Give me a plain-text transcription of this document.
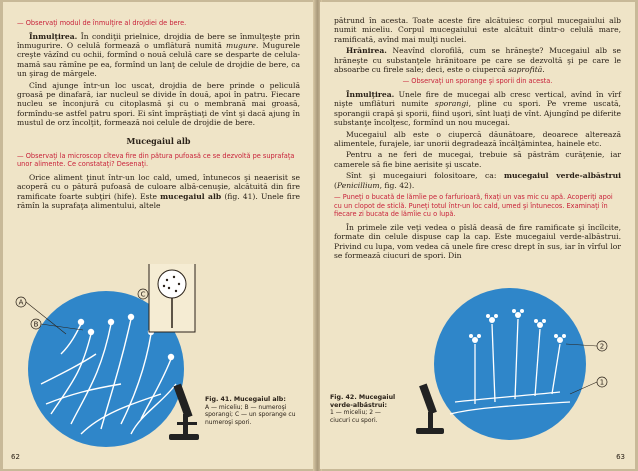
— Observaţi modul de înmulţire al drojdiei de bere.

Înmulţirea. În condiţii prielnice, drojdia de bere se înmulţeşte prin înmugurire. O celulă formează o umflătură numită mugure. Mugurele creşte văzînd cu ochii, formînd o nouă celulă care se desparte de celula-mamă sau rămîne pe ea, formînd un lanţ de celule de drojdie de bere, ca un şirag de mărgele.

Cînd ajunge într-un loc uscat, drojdia de bere prinde o peliculă groasă pe dinafară, iar nucleul se divide în două, apoi în patru. Fiecare nucleu se înconjură cu citoplasmă şi cu o membrană mai groasă, formîndu-se astfel patru spori. Ei sînt împrăştiaţi de vînt şi dacă ajung în mustul de orz încolţit, formează noi celule de drojdie de bere.

Mucegaiul alb

— Observaţi la microscop cîteva fire din pătura pufoasă ce se dezvoltă pe suprafaţa unor alimente. Ce constataţi? Desenaţi.

Orice aliment ţinut într-un loc cald, umed, întunecos şi neaerisit se acoperă cu o pătură pufoasă de culoare albă-cenuşie, alcătuită din fire ramificate foarte subţiri (hife). Este mucegaiul alb (fig. 41). Unele fire rămîn la suprafaţa alimentului, altele

A
B
C
Fig. 41. Mucegaiul alb:
A — miceliu; B — numeroşi sporangi; C — un sporange cu numeroşi spori.
62

pătrund în acesta. Toate aceste fire alcătuiesc corpul mucegaiului alb numit miceliu. Corpul mucegaiului este alcătuit dintr-o celulă mare, ramificată, avînd mai mulţi nuclei.

Hrănirea. Neavînd clorofilă, cum se hrăneşte? Mucegaiul alb se hrăneşte cu substanţele hrănitoare pe care se dezvoltă şi pe care le absoarbe cu firele sale; deci, este o ciupercă saprofită.

— Observaţi un sporange şi sporii din acesta.

Înmulţirea. Unele fire de mucegai alb cresc vertical, avînd în vîrf nişte umflături numite sporangi, pline cu spori. Pe vreme uscată, sporangii crapă şi sporii, fiind uşori, sînt luaţi de vînt. Ajungînd pe diferite substanţe încolţesc, formînd un nou mucegai.

Mucegaiul alb este o ciupercă dăunătoare, deoarece alterează alimentele, furajele, iar unorii degradează încălţămintea, hainele etc.

Pentru a ne feri de mucegai, trebuie să păstrăm curăţenie, iar camerele să fie bine aerisite şi uscate.

Sînt şi mucegaiuri folositoare, ca: mucegaiul verde-albăstrui (Penicillium, fig. 42).

— Puneţi o bucată de lămîie pe o farfurioară, fixaţi un vas mic cu apă. Acoperiţi apoi cu un clopot de sticlă. Puneţi totul într-un loc cald, umed şi întunecos. Examinaţi în fiecare zi bucata de lămîie cu o lupă.

În primele zile veţi vedea o pîslă deasă de fire ramificate şi încîlcite, formate din celule dispuse cap la cap. Este mucegaiul verde-albăstrui. Privind cu lupa, vom vedea că unele fire cresc drept în sus, iar în vîrful lor se formează ciucuri de spori. Din

2
1
Fig. 42. Mucegaiul verde-albăstrui:
1 — miceliu; 2 — ciucuri cu spori.
63
